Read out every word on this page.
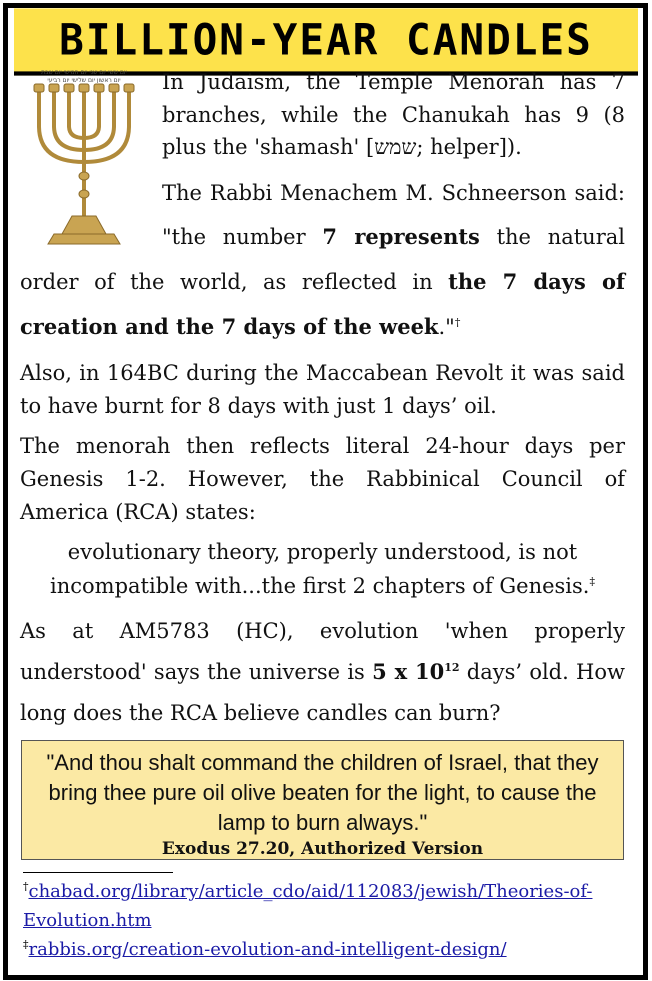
BILLION-YEAR CANDLES
יום ששי יום שני יום חמישי יום שבת
יום ראשון יום שלישי יום רביעי	In Judaism, the Temple Menorah has 7 branches, while the Chanukah has 9 (8 plus the 'shamash' [שמש; helper]).

The Rabbi Menachem M. Schneerson said: "the number 7 represents the natural order of the world, as reflected in the 7 days of creation and the 7 days of the week."†

Also, in 164BC during the Maccabean Revolt it was said to have burnt for 8 days with just 1 days’ oil.

The menorah then reflects literal 24-hour days per Genesis 1-2. However, the Rabbinical Council of America (RCA) states:

evolutionary theory, properly understood, is not incompatible with...the first 2 chapters of Genesis.‡

As at AM5783 (HC), evolution 'when properly understood' says the universe is 5 x $10^{12}$ days’ old. How long does the RCA believe candles can burn?

"And thou shalt command the children of Israel, that they bring thee pure oil olive beaten for the light, to cause the lamp to burn always."
Exodus 27.20, Authorized Version
†chabad.org/library/article_cdo/aid/112083/jewish/Theories-of-Evolution.htm
‡rabbis.org/creation-evolution-and-intelligent-design/
